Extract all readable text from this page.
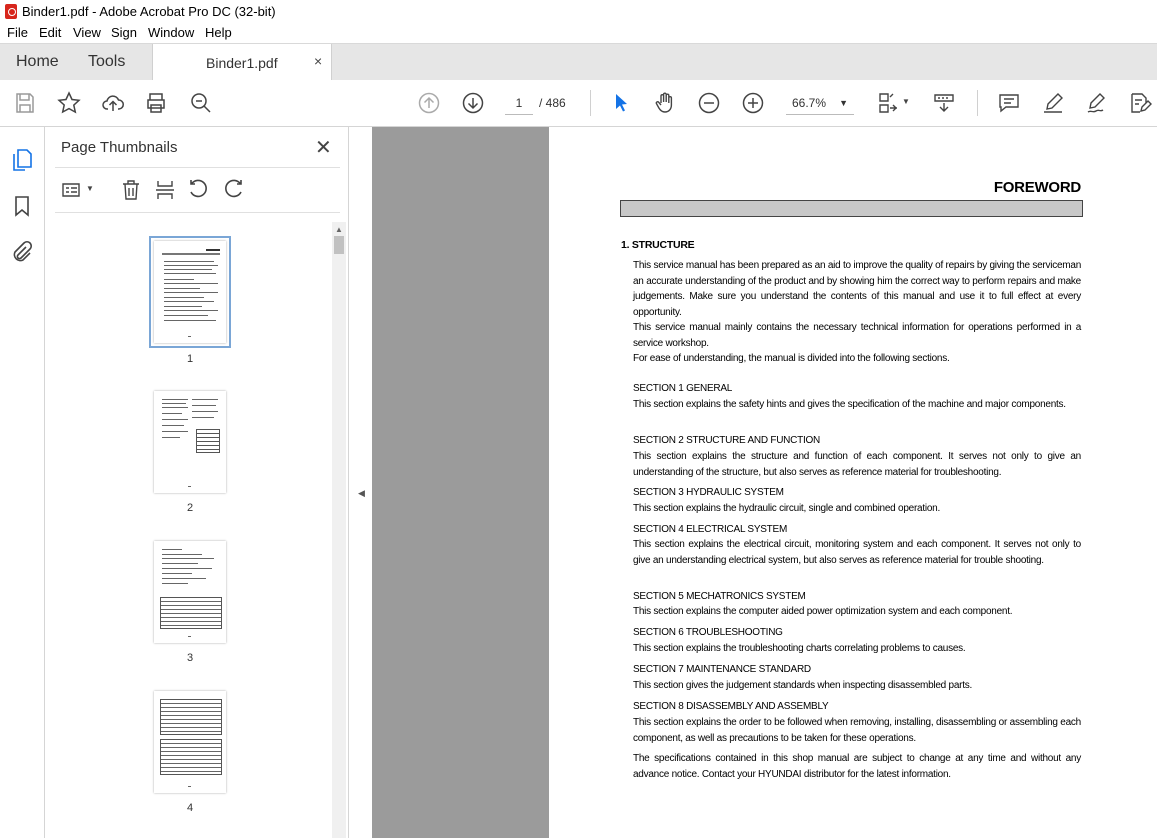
Binder1.pdf - Adobe Acrobat Pro DC (32-bit)
File Edit View Sign Window Help
Home Tools	Binder1.pdf	×
1	/ 486	66.7% ▼	▼
Page Thumbnails	✕
▼
1
2
3
4
▲
◀
FOREWORD
1. STRUCTURE
This service manual has been prepared as an aid to improve the quality of repairs by giving the serviceman an accurate understanding of the product and by showing him the correct way to perform repairs and make judgements. Make sure you understand the contents of this manual and use it to full effect at every opportunity.
This service manual mainly contains the necessary technical information for operations performed in a service workshop.
For ease of understanding, the manual is divided into the following sections.
SECTION 1 GENERAL
This section explains the safety hints and gives the specification of the machine and major components.
SECTION 2 STRUCTURE AND FUNCTION
This section explains the structure and function of each component. It serves not only to give an understanding of the structure, but also serves as reference material for troubleshooting.
SECTION 3 HYDRAULIC SYSTEM
This section explains the hydraulic circuit, single and combined operation.
SECTION 4 ELECTRICAL SYSTEM
This section explains the electrical circuit, monitoring system and each component. It serves not only to give an understanding electrical system, but also serves as reference material for trouble shooting.
SECTION 5 MECHATRONICS SYSTEM
This section explains the computer aided power optimization system and each component.
SECTION 6 TROUBLESHOOTING
This section explains the troubleshooting charts correlating problems to causes.
SECTION 7 MAINTENANCE STANDARD
This section gives the judgement standards when inspecting disassembled parts.
SECTION 8 DISASSEMBLY AND ASSEMBLY
This section explains the order to be followed when removing, installing, disassembling or assembling each component, as well as precautions to be taken for these operations.
The specifications contained in this shop manual are subject to change at any time and without any advance notice. Contact your HYUNDAI distributor for the latest information.
